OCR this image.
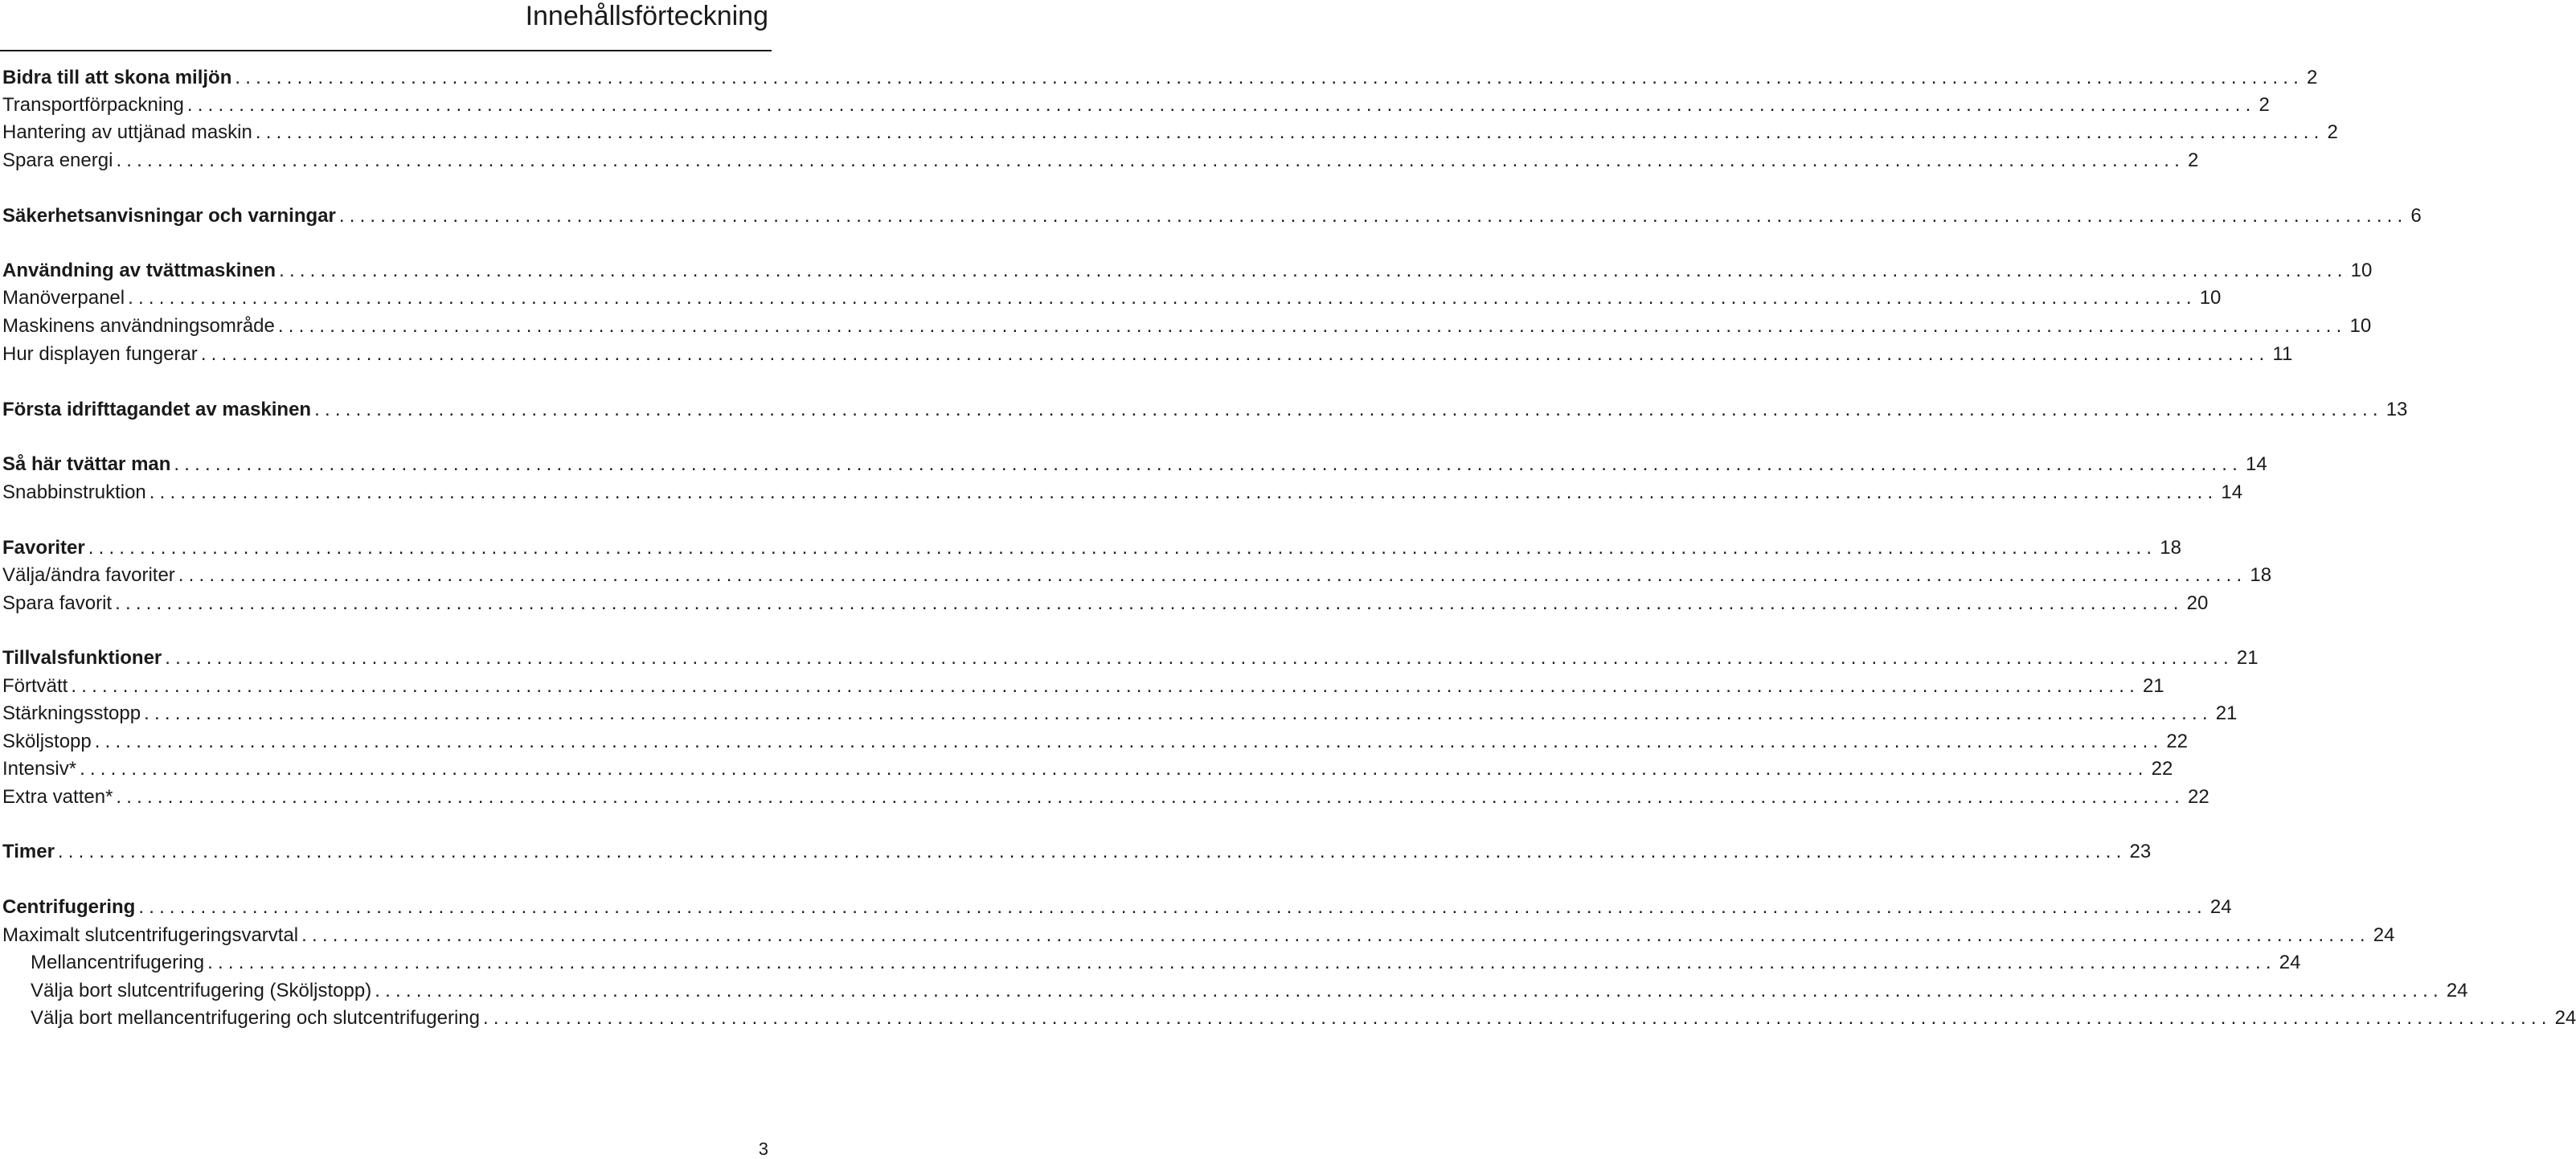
Innehållsförteckning
Bidra till att skona miljön ........................................................................................................................................................................................................ 2
Transportförpackning ........................................................................................................................................................................................................ 2
Hantering av uttjänad maskin ........................................................................................................................................................................................................ 2
Spara energi ........................................................................................................................................................................................................ 2
Säkerhetsanvisningar och varningar ........................................................................................................................................................................................................ 6
Användning av tvättmaskinen ........................................................................................................................................................................................................ 10
Manöverpanel ........................................................................................................................................................................................................ 10
Maskinens användningsområde ........................................................................................................................................................................................................ 10
Hur displayen fungerar ........................................................................................................................................................................................................ 11
Första idrifttagandet av maskinen ........................................................................................................................................................................................................ 13
Så här tvättar man ........................................................................................................................................................................................................ 14
Snabbinstruktion ........................................................................................................................................................................................................ 14
Favoriter ........................................................................................................................................................................................................ 18
Välja/ändra favoriter ........................................................................................................................................................................................................ 18
Spara favorit ........................................................................................................................................................................................................ 20
Tillvalsfunktioner ........................................................................................................................................................................................................ 21
Förtvätt ........................................................................................................................................................................................................ 21
Stärkningsstopp ........................................................................................................................................................................................................ 21
Sköljstopp ........................................................................................................................................................................................................ 22
Intensiv* ........................................................................................................................................................................................................ 22
Extra vatten* ........................................................................................................................................................................................................ 22
Timer ........................................................................................................................................................................................................ 23
Centrifugering ........................................................................................................................................................................................................ 24
Maximalt slutcentrifugeringsvarvtal ........................................................................................................................................................................................................ 24
Mellancentrifugering ........................................................................................................................................................................................................ 24
Välja bort slutcentrifugering (Sköljstopp) ........................................................................................................................................................................................................ 24
Välja bort mellancentrifugering och slutcentrifugering ........................................................................................................................................................................................................ 24
3
